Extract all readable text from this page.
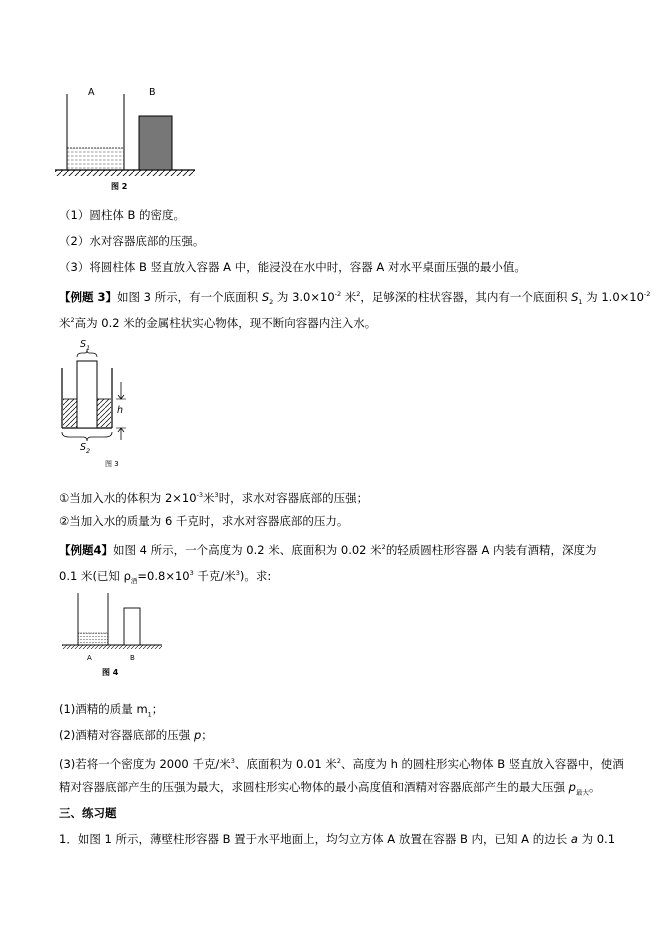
A	B
图 2
（1）圆柱体 B 的密度。
（2）水对容器底部的压强。
（3）将圆柱体 B 竖直放入容器 A 中，能浸没在水中时，容器 A 对水平桌面压强的最小值。
【例题 3】如图 3 所示，有一个底面积 $S_2$ 为 $3.0\times 10^{-2}$ 米$^2$，足够深的柱状容器，其内有一个底面积 $S_1$ 为 $1.0\times 10^{-2}$
米$^2$高为 0.2 米的金属柱状实心物体，现不断向容器内注入水。
$S_1$
$S_2$
h
图 3
①当加入水的体积为 $2\times 10^{-3}$米$^3$时，求水对容器底部的压强；
②当加入水的质量为 6 千克时，求水对容器底部的压力。
【例题4】如图 4 所示，一个高度为 0.2 米、底面积为 0.02 米$^2$的轻质圆柱形容器 A 内装有酒精，深度为
0.1 米(已知 $\rho_酒=0.8\times 10^3$ 千克/米$^3$)。求:
A	B
图 4
(1)酒精的质量 $m_1$；
(2)酒精对容器底部的压强 p；
(3)若将一个密度为 2000 千克/米$^3$、底面积为 0.01 米$^2$、高度为 h 的圆柱形实心物体 B 竖直放入容器中，使酒
精对容器底部产生的压强为最大，求圆柱形实心物体的最小高度值和酒精对容器底部产生的最大压强 $p_{最大}$。
三、练习题
1．如图 1 所示，薄壁柱形容器 B 置于水平地面上，均匀立方体 A 放置在容器 B 内，已知 A 的边长 a 为 0.1
